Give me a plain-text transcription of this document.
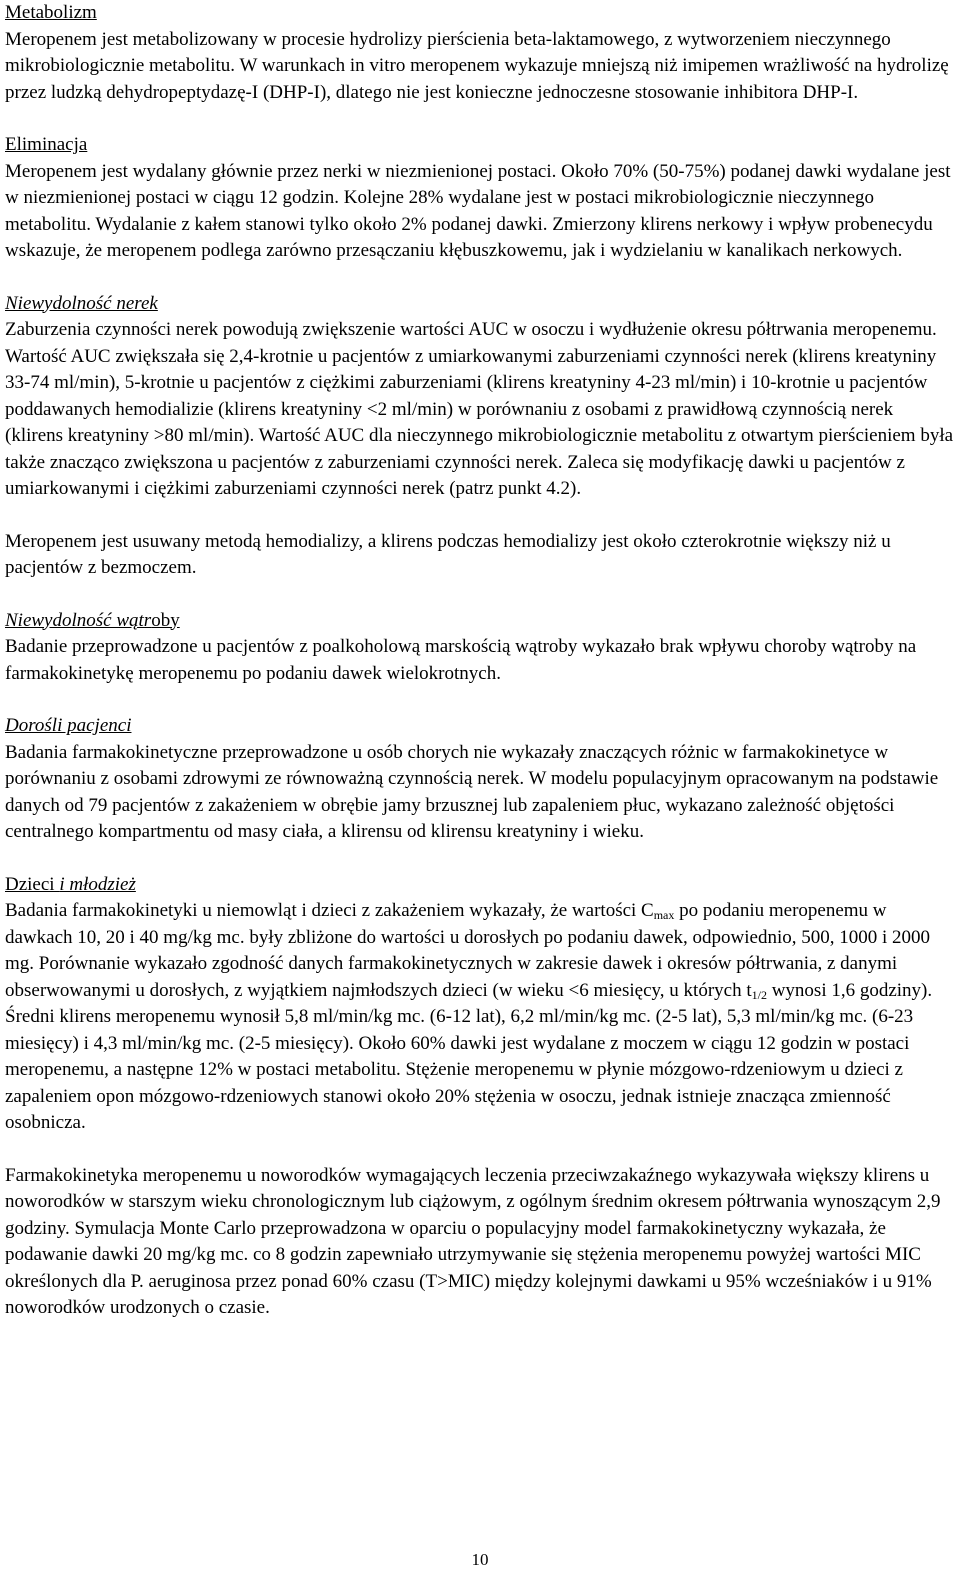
Metabolizm

Meropenem jest metabolizowany w procesie hydrolizy pierścienia beta-laktamowego, z wytworzeniem nieczynnego mikrobiologicznie metabolitu. W warunkach in vitro meropenem wykazuje mniejszą niż imipemen wrażliwość na hydrolizę przez ludzką dehydropeptydazę-I (DHP-I), dlatego nie jest konieczne jednoczesne stosowanie inhibitora DHP-I.

Eliminacja

Meropenem jest wydalany głównie przez nerki w niezmienionej postaci. Około 70% (50-75%) podanej dawki wydalane jest w niezmienionej postaci w ciągu 12 godzin. Kolejne 28% wydalane jest w postaci mikrobiologicznie nieczynnego metabolitu. Wydalanie z kałem stanowi tylko około 2% podanej dawki. Zmierzony klirens nerkowy i wpływ probenecydu wskazuje, że meropenem podlega zarówno przesączaniu kłębuszkowemu, jak i wydzielaniu w kanalikach nerkowych.

Niewydolność nerek

Zaburzenia czynności nerek powodują zwiększenie wartości AUC w osoczu i wydłużenie okresu półtrwania meropenemu. Wartość AUC zwiększała się 2,4-krotnie u pacjentów z umiarkowanymi zaburzeniami czynności nerek (klirens kreatyniny 33-74 ml/min), 5-krotnie u pacjentów z ciężkimi zaburzeniami (klirens kreatyniny 4-23 ml/min) i 10-krotnie u pacjentów poddawanych hemodializie (klirens kreatyniny <2 ml/min) w porównaniu z osobami z prawidłową czynnością nerek (klirens kreatyniny >80 ml/min). Wartość AUC dla nieczynnego mikrobiologicznie metabolitu z otwartym pierścieniem była także znacząco zwiększona u pacjentów z zaburzeniami czynności nerek. Zaleca się modyfikację dawki u pacjentów z umiarkowanymi i ciężkimi zaburzeniami czynności nerek (patrz punkt 4.2).

Meropenem jest usuwany metodą hemodializy, a klirens podczas hemodializy jest około czterokrotnie większy niż u pacjentów z bezmoczem.

Niewydolność wątroby

Badanie przeprowadzone u pacjentów z poalkoholową marskością wątroby wykazało brak wpływu choroby wątroby na farmakokinetykę meropenemu po podaniu dawek wielokrotnych.

Dorośli pacjenci

Badania farmakokinetyczne przeprowadzone u osób chorych nie wykazały znaczących różnic w farmakokinetyce w porównaniu z osobami zdrowymi ze równoważną czynnością nerek. W modelu populacyjnym opracowanym na podstawie danych od 79 pacjentów z zakażeniem w obrębie jamy brzusznej lub zapaleniem płuc, wykazano zależność objętości centralnego kompartmentu od masy ciała, a klirensu od klirensu kreatyniny i wieku.

Dzieci i młodzież

Badania farmakokinetyki u niemowląt i dzieci z zakażeniem wykazały, że wartości $C_{max}$ po podaniu meropenemu w dawkach 10, 20 i 40 mg/kg mc. były zbliżone do wartości u dorosłych po podaniu dawek, odpowiednio, 500, 1000 i 2000 mg. Porównanie wykazało zgodność danych farmakokinetycznych w zakresie dawek i okresów półtrwania, z danymi obserwowanymi u dorosłych, z wyjątkiem najmłodszych dzieci (w wieku <6 miesięcy, u których $t_{1/2}$ wynosi 1,6 godziny). Średni klirens meropenemu wynosił 5,8 ml/min/kg mc. (6-12 lat), 6,2 ml/min/kg mc. (2-5 lat), 5,3 ml/min/kg mc. (6-23 miesięcy) i 4,3 ml/min/kg mc. (2-5 miesięcy). Około 60% dawki jest wydalane z moczem w ciągu 12 godzin w postaci meropenemu, a następne 12% w postaci metabolitu. Stężenie meropenemu w płynie mózgowo-rdzeniowym u dzieci z zapaleniem opon mózgowo-rdzeniowych stanowi około 20% stężenia w osoczu, jednak istnieje znacząca zmienność osobnicza.

Farmakokinetyka meropenemu u noworodków wymagających leczenia przeciwzakaźnego wykazywała większy klirens u noworodków w starszym wieku chronologicznym lub ciążowym, z ogólnym średnim okresem półtrwania wynoszącym 2,9 godziny. Symulacja Monte Carlo przeprowadzona w oparciu o populacyjny model farmakokinetyczny wykazała, że podawanie dawki 20 mg/kg mc. co 8 godzin zapewniało utrzymywanie się stężenia meropenemu powyżej wartości MIC określonych dla P. aeruginosa przez ponad 60% czasu (T>MIC) między kolejnymi dawkami u 95% wcześniaków i u 91% noworodków urodzonych o czasie.

10
